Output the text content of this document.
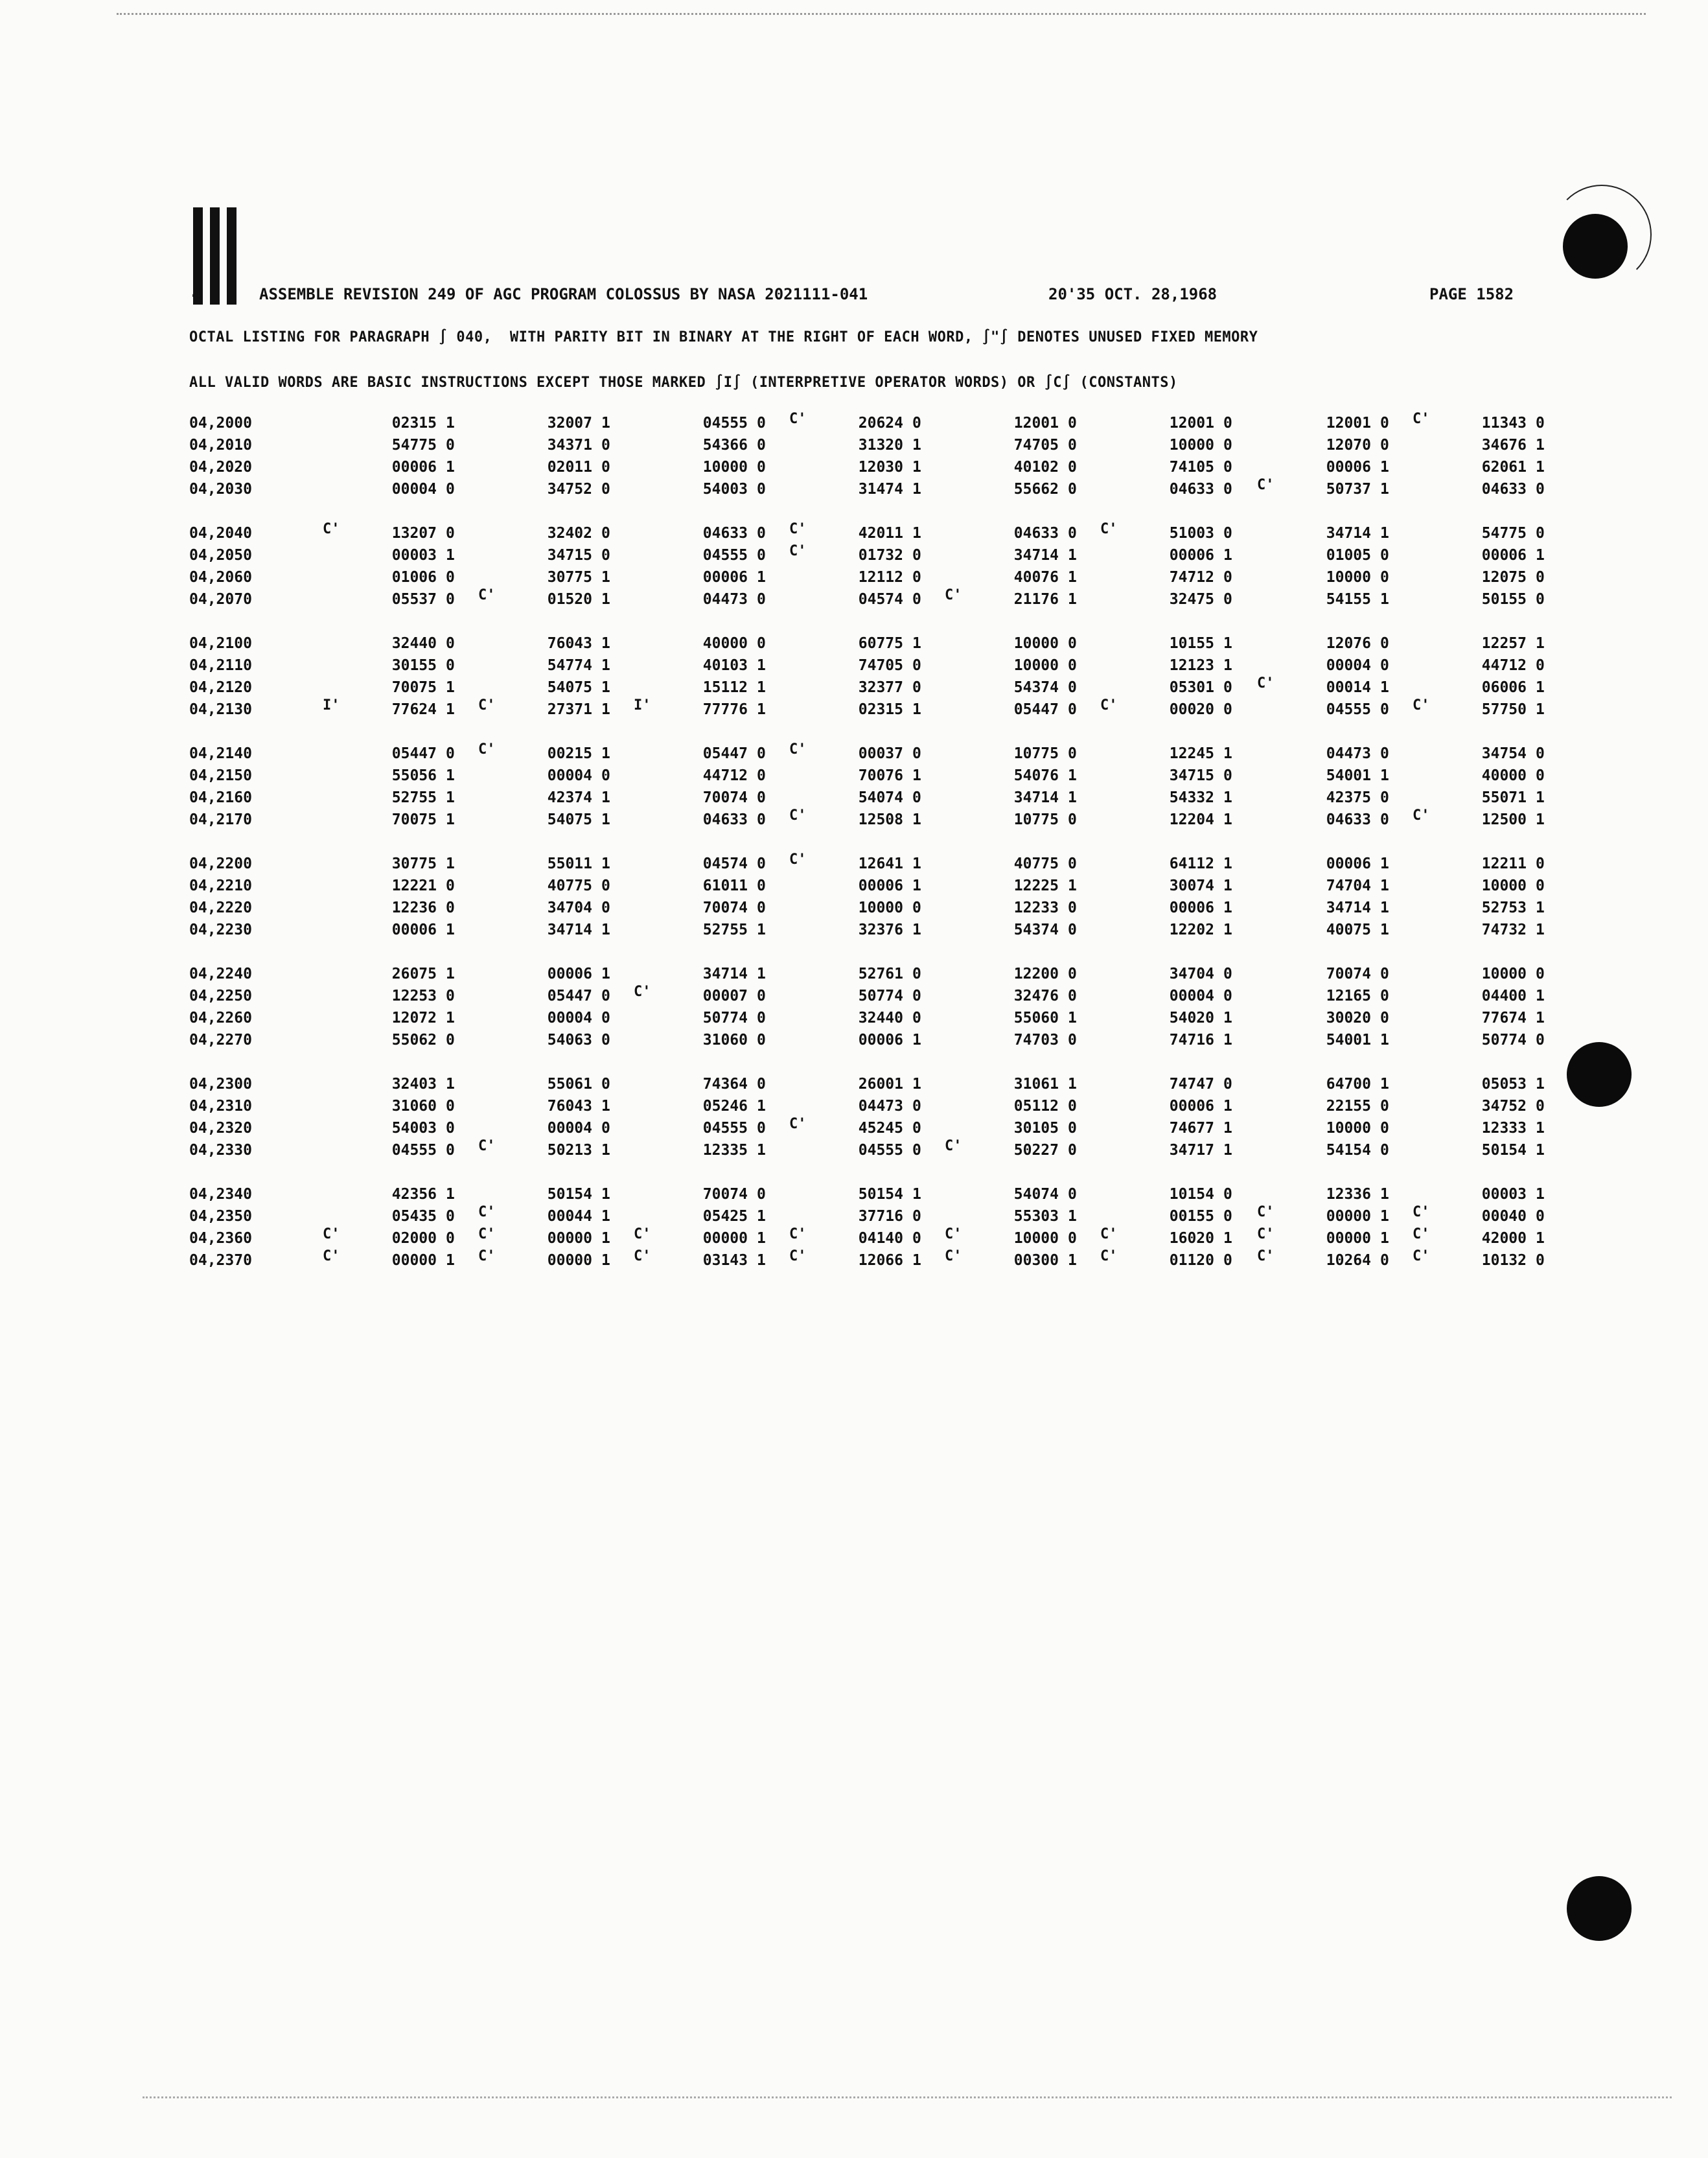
4	ASSEMBLE REVISION 249 OF AGC PROGRAM COLOSSUS BY NASA 2021111-041	20'35 OCT. 28,1968	PAGE 1582
OCTAL LISTING FOR PARAGRAPH ∫ 040,  WITH PARITY BIT IN BINARY AT THE RIGHT OF EACH WORD, ∫"∫ DENOTES UNUSED FIXED MEMORY
ALL VALID WORDS ARE BASIC INSTRUCTIONS EXCEPT THOSE MARKED ∫I∫ (INTERPRETIVE OPERATOR WORDS) OR ∫C∫ (CONSTANTS)
04,2000	02315 1	32007 1	04555 0 C'	20624 0	12001 0	12001 0	12001 0 C'	11343 0
04,2010	54775 0	34371 0	54366 0	31320 1	74705 0	10000 0	12070 0	34676 1
04,2020	00006 1	02011 0	10000 0	12030 1	40102 0	74105 0	00006 1	62061 1
04,2030	00004 0	34752 0	54003 0	31474 1	55662 0	04633 0 C'	50737 1	04633 0
04,2040	C'	13207 0	32402 0	04633 0 C'	42011 1	04633 0 C'	51003 0	34714 1	54775 0
04,2050	00003 1	34715 0	04555 0 C'	01732 0	34714 1	00006 1	01005 0	00006 1
04,2060	01006 0	30775 1	00006 1	12112 0	40076 1	74712 0	10000 0	12075 0
04,2070	05537 0 C'	01520 1	04473 0	04574 0 C'	21176 1	32475 0	54155 1	50155 0
04,2100	32440 0	76043 1	40000 0	60775 1	10000 0	10155 1	12076 0	12257 1
04,2110	30155 0	54774 1	40103 1	74705 0	10000 0	12123 1	00004 0	44712 0
04,2120	70075 1	54075 1	15112 1	32377 0	54374 0	05301 0 C'	00014 1	06006 1
04,2130	I'	77624 1 C'	27371 1 I'	77776 1	02315 1	05447 0 C'	00020 0	04555 0 C'	57750 1
04,2140	05447 0 C'	00215 1	05447 0 C'	00037 0	10775 0	12245 1	04473 0	34754 0
04,2150	55056 1	00004 0	44712 0	70076 1	54076 1	34715 0	54001 1	40000 0
04,2160	52755 1	42374 1	70074 0	54074 0	34714 1	54332 1	42375 0	55071 1
04,2170	70075 1	54075 1	04633 0 C'	12508 1	10775 0	12204 1	04633 0 C'	12500 1
04,2200	30775 1	55011 1	04574 0 C'	12641 1	40775 0	64112 1	00006 1	12211 0
04,2210	12221 0	40775 0	61011 0	00006 1	12225 1	30074 1	74704 1	10000 0
04,2220	12236 0	34704 0	70074 0	10000 0	12233 0	00006 1	34714 1	52753 1
04,2230	00006 1	34714 1	52755 1	32376 1	54374 0	12202 1	40075 1	74732 1
04,2240	26075 1	00006 1	34714 1	52761 0	12200 0	34704 0	70074 0	10000 0
04,2250	12253 0	05447 0 C'	00007 0	50774 0	32476 0	00004 0	12165 0	04400 1
04,2260	12072 1	00004 0	50774 0	32440 0	55060 1	54020 1	30020 0	77674 1
04,2270	55062 0	54063 0	31060 0	00006 1	74703 0	74716 1	54001 1	50774 0
04,2300	32403 1	55061 0	74364 0	26001 1	31061 1	74747 0	64700 1	05053 1
04,2310	31060 0	76043 1	05246 1	04473 0	05112 0	00006 1	22155 0	34752 0
04,2320	54003 0	00004 0	04555 0 C'	45245 0	30105 0	74677 1	10000 0	12333 1
04,2330	04555 0 C'	50213 1	12335 1	04555 0 C'	50227 0	34717 1	54154 0	50154 1
04,2340	42356 1	50154 1	70074 0	50154 1	54074 0	10154 0	12336 1	00003 1
04,2350	05435 0 C'	00044 1	05425 1	37716 0	55303 1	00155 0 C'	00000 1 C'	00040 0
04,2360	C'	02000 0 C'	00000 1 C'	00000 1 C'	04140 0 C'	10000 0 C'	16020 1 C'	00000 1 C'	42000 1
04,2370	C'	00000 1 C'	00000 1 C'	03143 1 C'	12066 1 C'	00300 1 C'	01120 0 C'	10264 0 C'	10132 0
